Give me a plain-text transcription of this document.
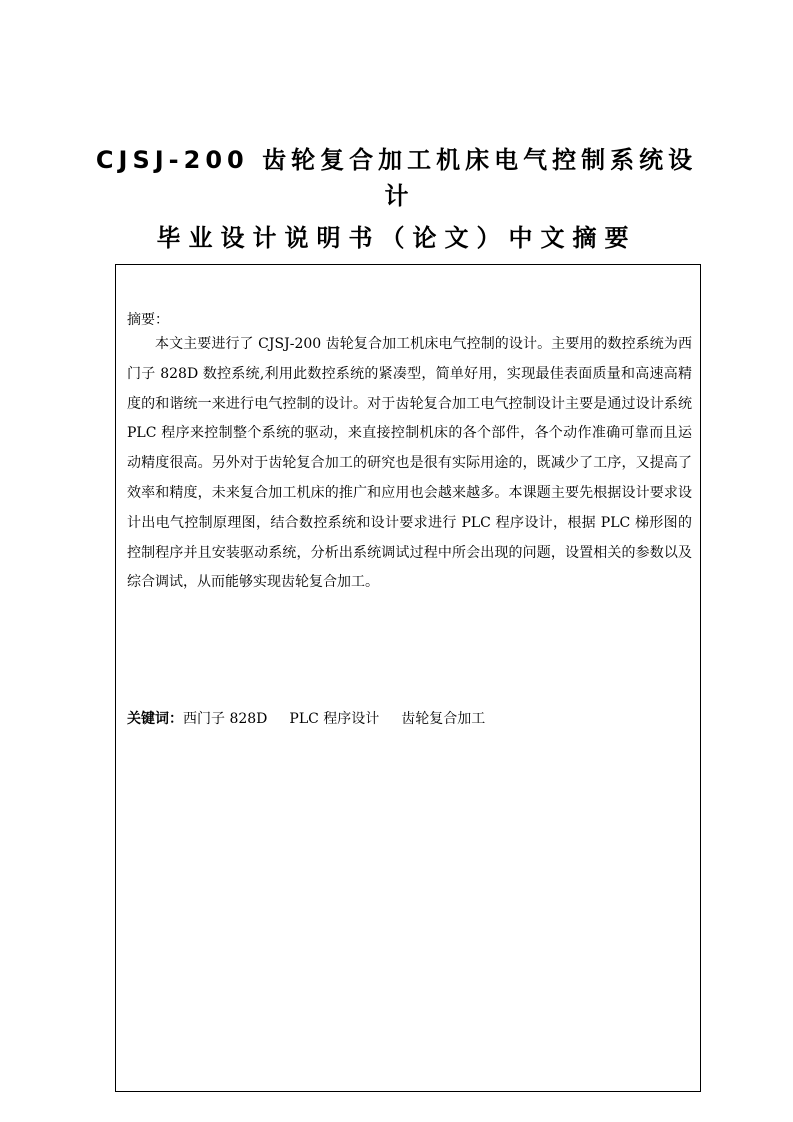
CJSJ-200 齿轮复合加工机床电气控制系统设
计
毕业设计说明书（论文）中文摘要
摘要：
本文主要进行了 CJSJ-200 齿轮复合加工机床电气控制的设计。主要用的数控系统为西门子 828D 数控系统,利用此数控系统的紧凑型，简单好用，实现最佳表面质量和高速高精度的和谐统一来进行电气控制的设计。对于齿轮复合加工电气控制设计主要是通过设计系统 PLC 程序来控制整个系统的驱动，来直接控制机床的各个部件，各个动作准确可靠而且运动精度很高。另外对于齿轮复合加工的研究也是很有实际用途的，既减少了工序，又提高了效率和精度，未来复合加工机床的推广和应用也会越来越多。本课题主要先根据设计要求设计出电气控制原理图，结合数控系统和设计要求进行 PLC 程序设计，根据 PLC 梯形图的控制程序并且安装驱动系统，分析出系统调试过程中所会出现的问题，设置相关的参数以及综合调试，从而能够实现齿轮复合加工。
关键词：西门子 828D PLC 程序设计 齿轮复合加工
